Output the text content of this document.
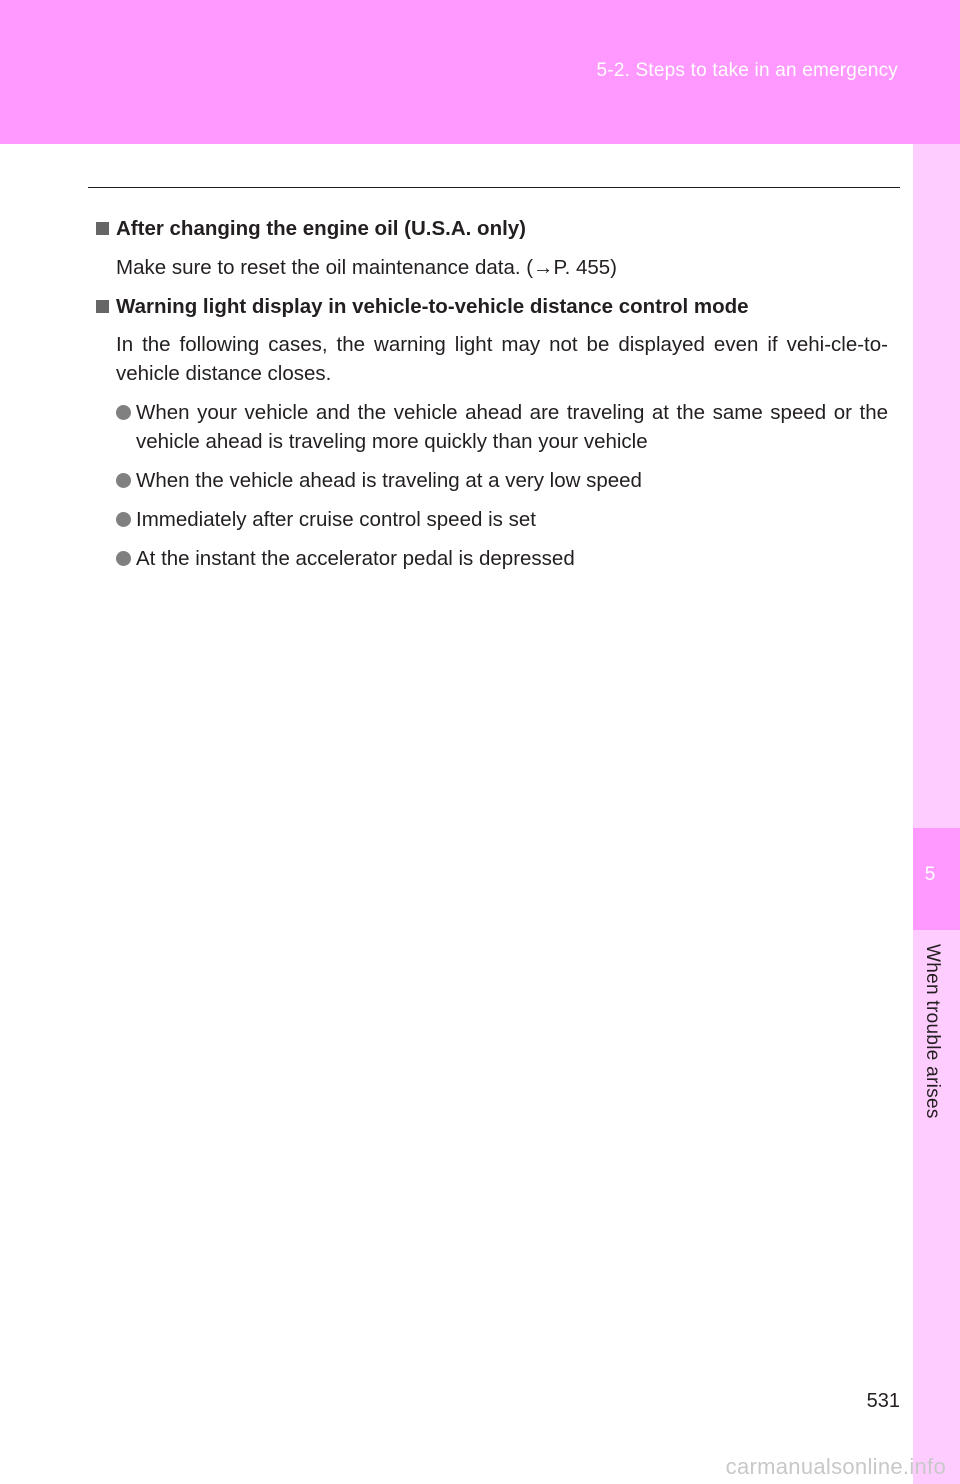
5-2. Steps to take in an emergency
5
When trouble arises
After changing the engine oil (U.S.A. only)
Make sure to reset the oil maintenance data. (→P. 455)
Warning light display in vehicle-to-vehicle distance control mode
In the following cases, the warning light may not be displayed even if vehi-cle-to-vehicle distance closes.
When your vehicle and the vehicle ahead are traveling at the same speed or the vehicle ahead is traveling more quickly than your vehicle
When the vehicle ahead is traveling at a very low speed
Immediately after cruise control speed is set
At the instant the accelerator pedal is depressed
531
carmanualsonline.info
